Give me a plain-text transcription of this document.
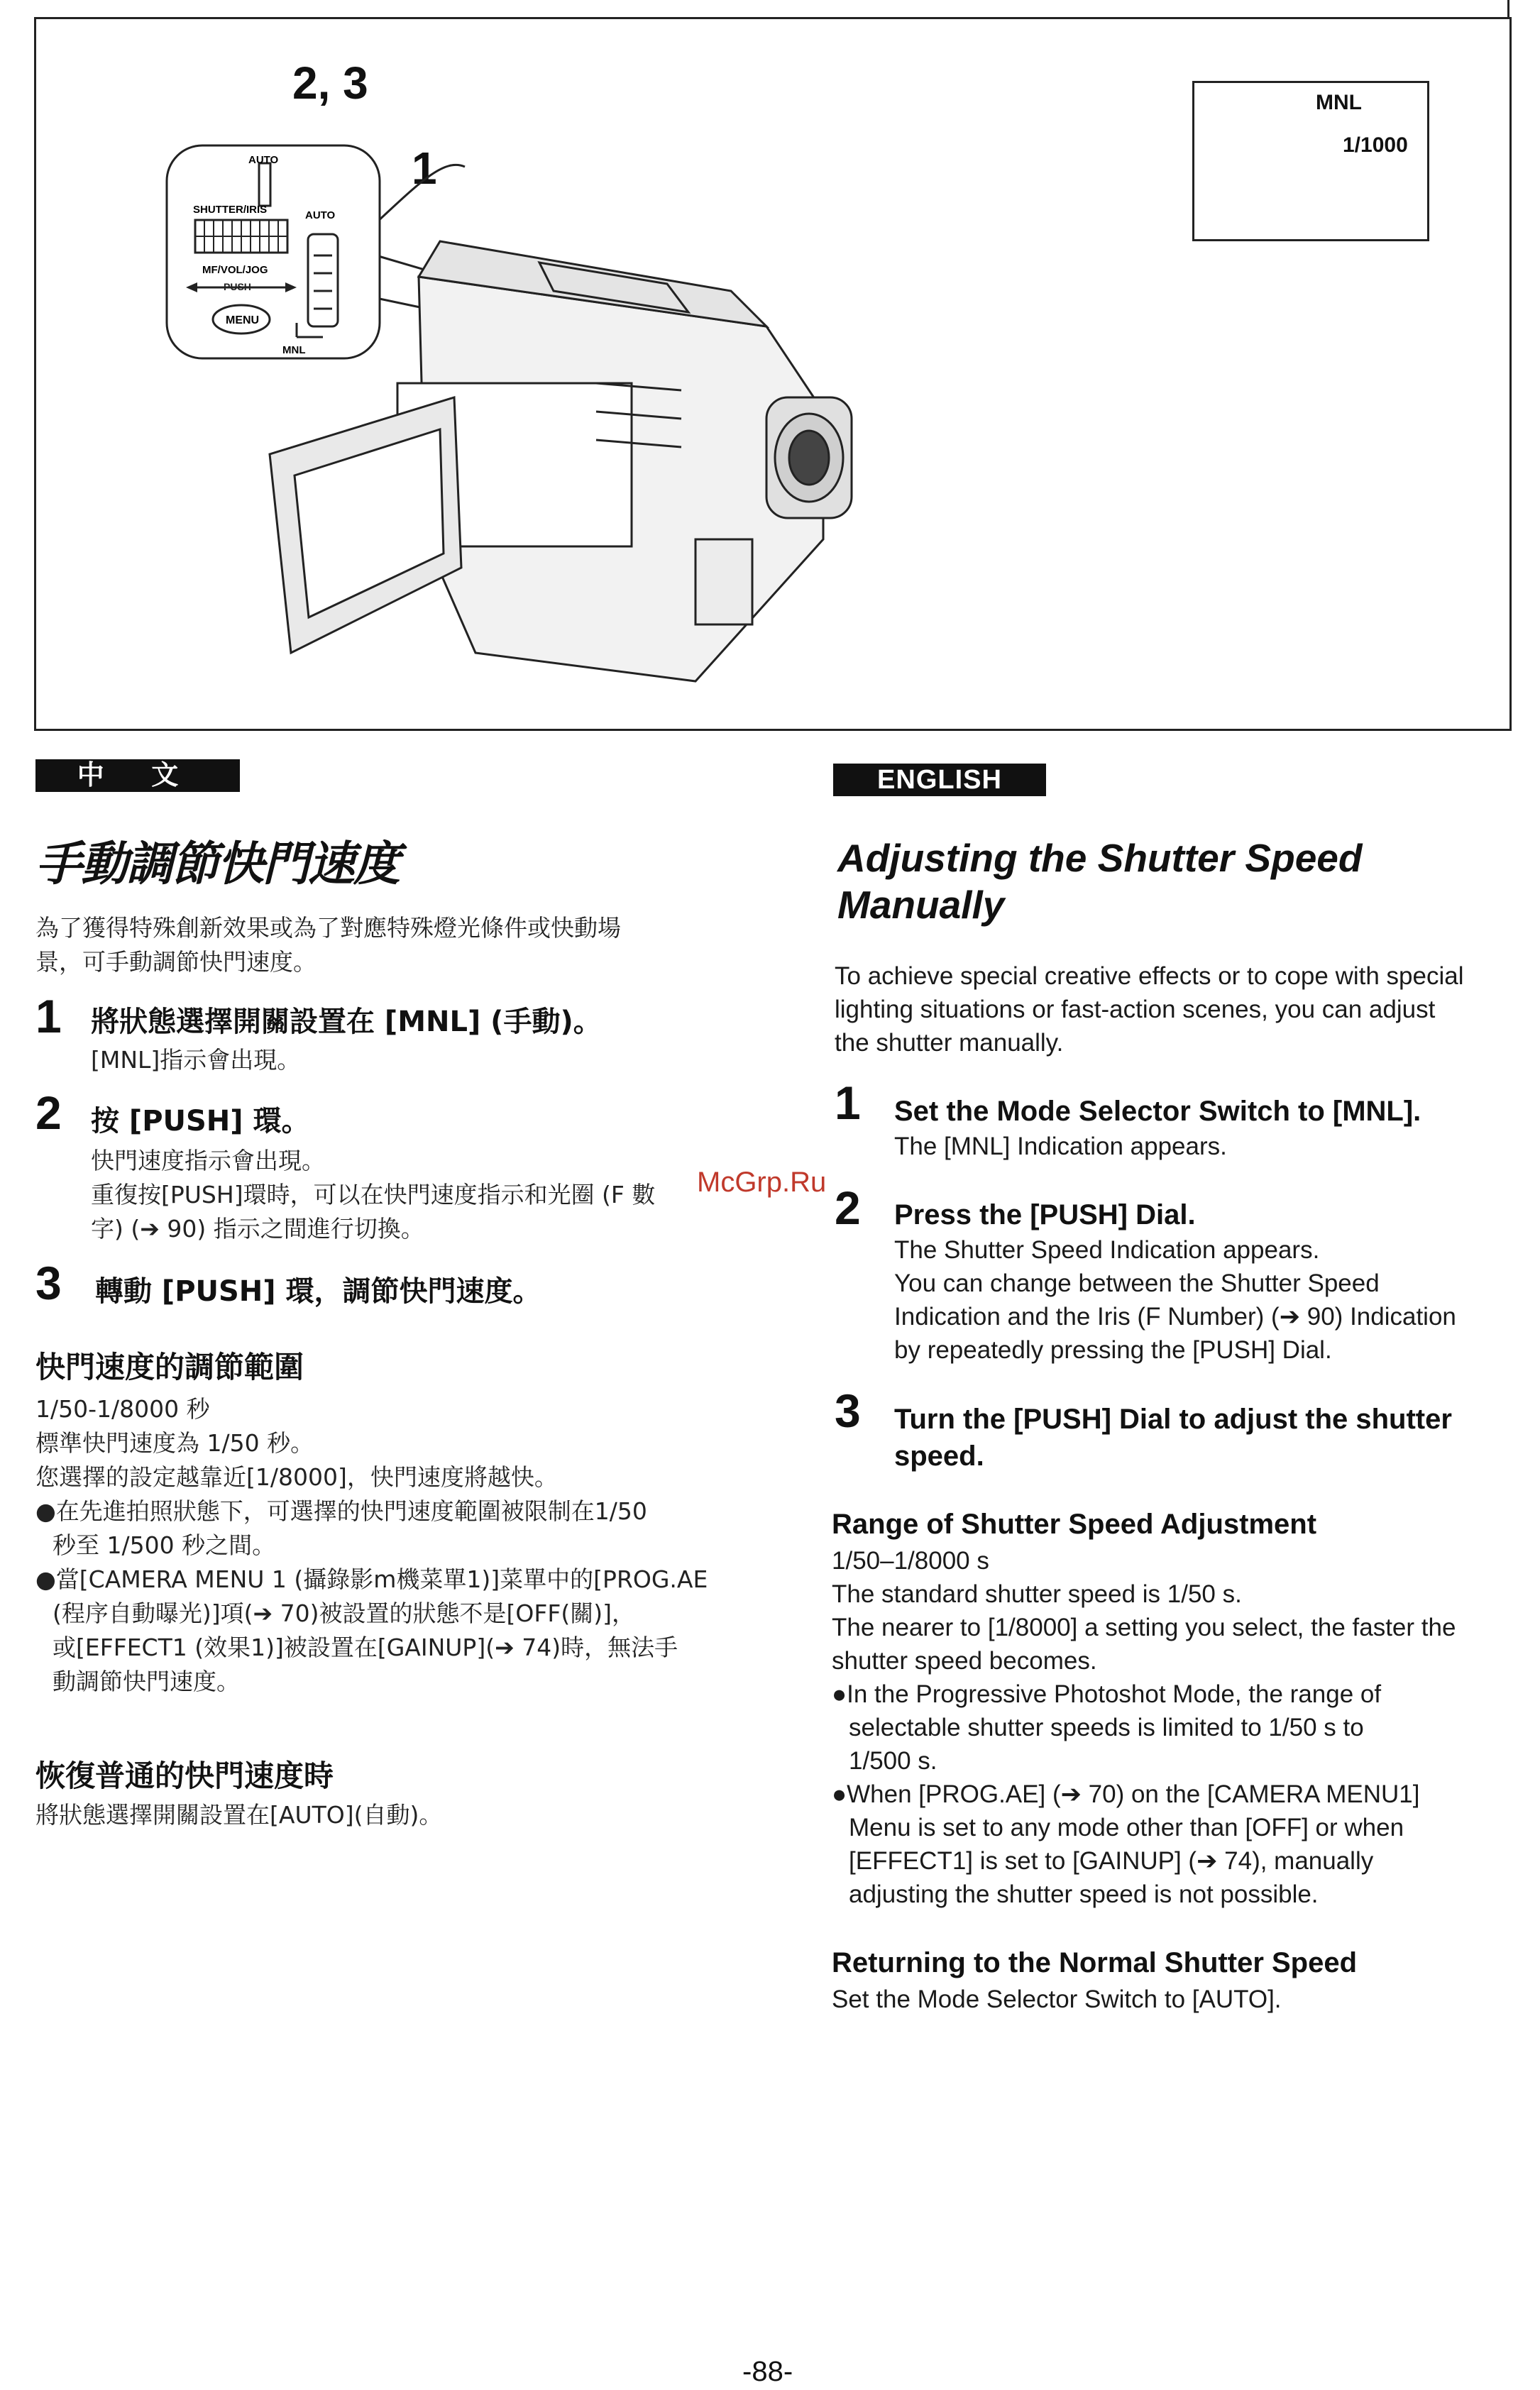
2, 3
1
AUTO
SHUTTER/IRIS	AUTO
MF/VOL/JOG
PUSH
MENU
MNL
MNL
1/1000
中 文
手動調節快門速度
為了獲得特殊創新效果或為了對應特殊燈光條件或快動場
景，可手動調節快門速度。
1 將狀態選擇開關設置在 [MNL] (手動)。
[MNL]指示會出現。
2 按 [PUSH] 環。
快門速度指示會出現。
重復按[PUSH]環時，可以在快門速度指示和光圈 (F 數
字) (➔ 90) 指示之間進行切換。
3 轉動 [PUSH] 環，調節快門速度。
快門速度的調節範圍
1/50-1/8000 秒
標準快門速度為 1/50 秒。
您選擇的設定越靠近[1/8000]，快門速度將越快。
●在先進拍照狀態下，可選擇的快門速度範圍被限制在1/50
秒至 1/500 秒之間。
●當[CAMERA MENU 1 (攝錄影m機菜單1)]菜單中的[PROG.AE
(程序自動曝光)]項(➔ 70)被設置的狀態不是[OFF(關)]，
或[EFFECT1 (效果1)]被設置在[GAINUP](➔ 74)時，無法手
動調節快門速度。
恢復普通的快門速度時
將狀態選擇開關設置在[AUTO](自動)。
McGrp.Ru
ENGLISH
Adjusting the Shutter Speed
Manually
To achieve special creative effects or to cope with special
lighting situations or fast-action scenes, you can adjust
the shutter manually.
1 Set the Mode Selector Switch to [MNL].
The [MNL] Indication appears.
2 Press the [PUSH] Dial.
The Shutter Speed Indication appears.
You can change between the Shutter Speed
Indication and the Iris (F Number) (➔ 90) Indication
by repeatedly pressing the [PUSH] Dial.
3 Turn the [PUSH] Dial to adjust the shutter
speed.
Range of Shutter Speed Adjustment
1/50–1/8000 s
The standard shutter speed is 1/50 s.
The nearer to [1/8000] a setting you select, the faster the
shutter speed becomes.
●In the Progressive Photoshot Mode, the range of
selectable shutter speeds is limited to 1/50 s to
1/500 s.
●When [PROG.AE] (➔ 70) on the [CAMERA MENU1]
Menu is set to any mode other than [OFF] or when
[EFFECT1] is set to [GAINUP] (➔ 74), manually
adjusting the shutter speed is not possible.
Returning to the Normal Shutter Speed
Set the Mode Selector Switch to [AUTO].
-88-
